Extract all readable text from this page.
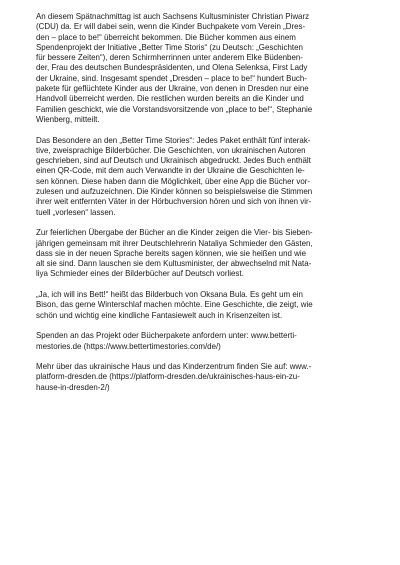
An diesem Spätnachmittag ist auch Sachsens Kultusminister Christian Piwarz
(CDU) da. Er will dabei sein, wenn die Kinder Buchpakete vom Verein „Dres-
den – place to be!“ überreicht bekommen. Die Bücher kommen aus einem
Spendenprojekt der Initiative „Better Time Storis“ (zu Deutsch: „Geschichten
für bessere Zeiten“), deren Schirmherrinnen unter anderem Elke Büdenben-
der, Frau des deutschen Bundespräsidenten, und Olena Selenksa, First Lady
der Ukraine, sind. Insgesamt spendet „Dresden – place to be!“ hundert Buch-
pakete für geflüchtete Kinder aus der Ukraine, von denen in Dresden nur eine
Handvoll überreicht werden. Die restlichen wurden bereits an die Kinder und
Familien geschickt, wie die Vorstandsvorsitzende von „place to be!“, Stephanie
Wienberg, mitteilt.

Das Besondere an den „Better Time Stories“: Jedes Paket enthält fünf interak-
tive, zweisprachige Bilderbücher. Die Geschichten, von ukrainischen Autoren
geschrieben, sind auf Deutsch und Ukrainisch abgedruckt. Jedes Buch enthält
einen QR-Code, mit dem auch Verwandte in der Ukraine die Geschichten le-
sen können. Diese haben dann die Möglichkeit, über eine App die Bücher vor-
zulesen und aufzuzeichnen. Die Kinder können so beispielsweise die Stimmen
ihrer weit entfernten Väter in der Hörbuchversion hören und sich von ihnen vir-
tuell „vorlesen“ lassen.

Zur feierlichen Übergabe der Bücher an die Kinder zeigen die Vier- bis Sieben-
jährigen gemeinsam mit ihrer Deutschlehrerin Nataliya Schmieder den Gästen,
dass sie in der neuen Sprache bereits sagen können, wie sie heißen und wie
alt sie sind. Dann lauschen sie dem Kultusminister, der abwechselnd mit Nata-
liya Schmieder eines der Bilderbücher auf Deutsch vorliest.

„Ja, ich will ins Bett!“ heißt das Bilderbuch von Oksana Bula. Es geht um ein
Bison, das gerne Winterschlaf machen möchte. Eine Geschichte, die zeigt, wie
schön und wichtig eine kindliche Fantasiewelt auch in Krisenzeiten ist.

Spenden an das Projekt oder Bücherpakete anfordern unter: www.betterti-
mestories.de (https://www.bettertimestories.com/de/)

Mehr über das ukrainische Haus und das Kinderzentrum finden Sie auf: www.-
platform-dresden.de (https://platform-dresden.de/ukrainisches-haus-ein-zu-
hause-in-dresden-2/)
